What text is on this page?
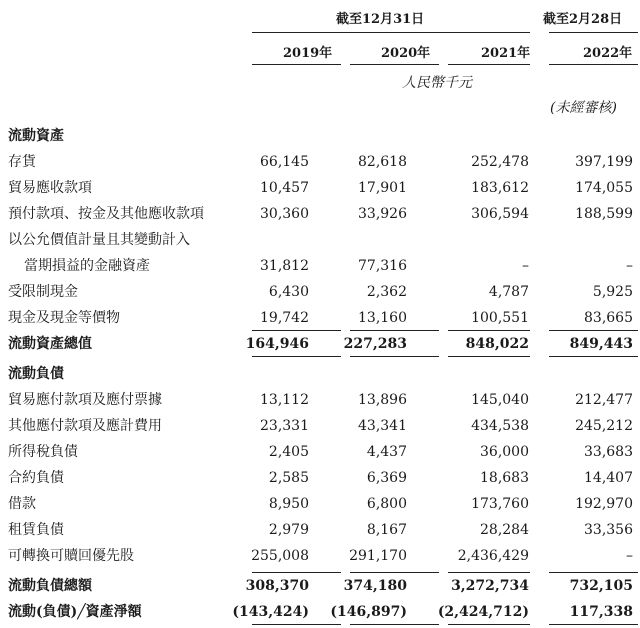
截至12月31日	截至2月28日
2019年	2020年	2021年	2022年
人民幣千元
(未經審核)
流動資產
存貨	66,145	82,618	252,478	397,199
貿易應收款項	10,457	17,901	183,612	174,055
預付款項、按金及其他應收款項	30,360	33,926	306,594	188,599
以公允價值計量且其變動計入
當期損益的金融資產	31,812	77,316	–	–
受限制現金	6,430	2,362	4,787	5,925
現金及現金等價物	19,742	13,160	100,551	83,665
流動資產總值	164,946	227,283	848,022	849,443
流動負債
貿易應付款項及應付票據	13,112	13,896	145,040	212,477
其他應付款項及應計費用	23,331	43,341	434,538	245,212
所得稅負債	2,405	4,437	36,000	33,683
合約負債	2,585	6,369	18,683	14,407
借款	8,950	6,800	173,760	192,970
租賃負債	2,979	8,167	28,284	33,356
可轉換可贖回優先股	255,008	291,170	2,436,429	–
流動負債總額	308,370	374,180	3,272,734	732,105
流動(負債)╱資產淨額	(143,424)	(146,897)	(2,424,712)	117,338
